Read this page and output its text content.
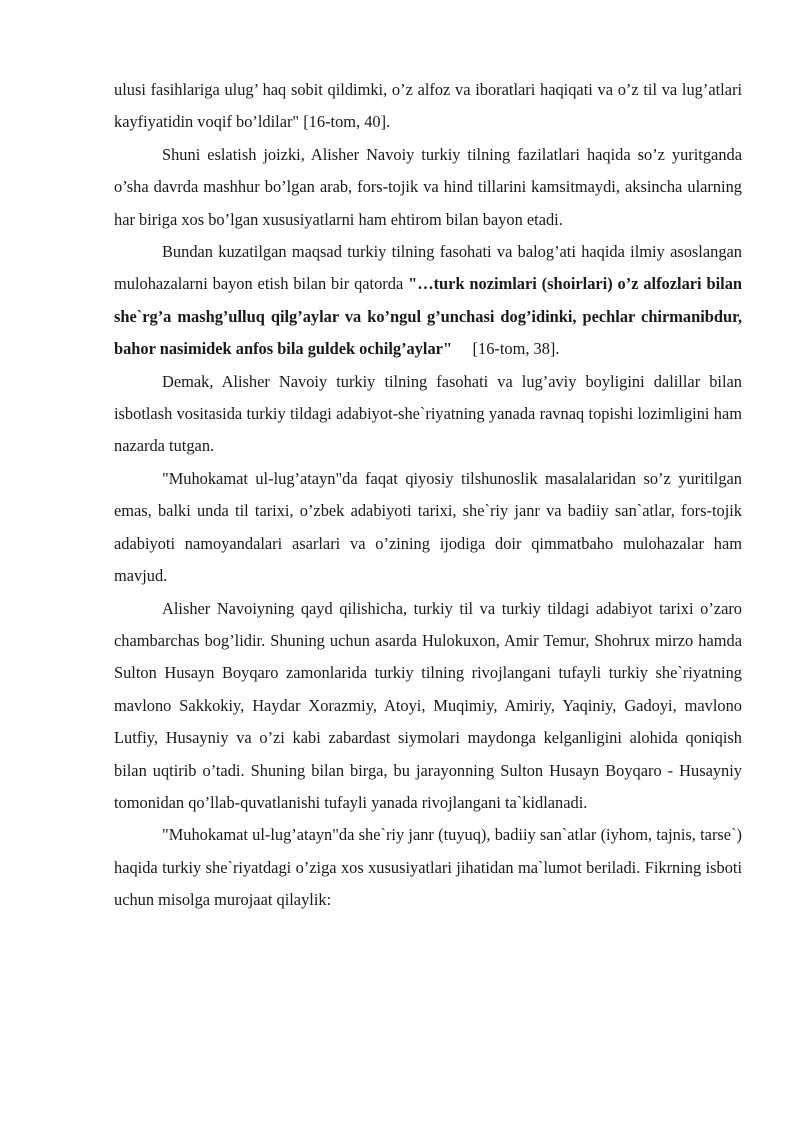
ulusi fasihlariga ulug’ haq sobit qildimki, o’z alfoz va iboratlari haqiqati va o’z til va lug’atlari kayfiyatidin voqif bo’ldilar" [16-tom, 40].

Shuni eslatish joizki, Alisher Navoiy turkiy tilning fazilatlari haqida so’z yuritganda o’sha davrda mashhur bo’lgan arab, fors-tojik va hind tillarini kamsitmaydi, aksincha ularning har biriga xos bo’lgan xususiyatlarni ham ehtirom bilan bayon etadi.

Bundan kuzatilgan maqsad turkiy tilning fasohati va balog’ati haqida ilmiy asoslangan mulohazalarni bayon etish bilan bir qatorda "…turk nozimlari (shoirlari) o’z alfozlari bilan she`rg’a mashg’ulluq qilg’aylar va ko’ngul g’unchasi dog’idinki, pechlar chirmanibdur, bahor nasimidek anfos bila guldek ochilg’aylar"     [16-tom, 38].

Demak, Alisher Navoiy turkiy tilning fasohati va lug’aviy boyligini dalillar bilan isbotlash vositasida turkiy tildagi adabiyot-she`riyatning yanada ravnaq topishi lozimligini ham nazarda tutgan.

"Muhokamat ul-lug’atayn"da faqat qiyosiy tilshunoslik masalalaridan so’z yuritilgan emas, balki unda til tarixi, o’zbek adabiyoti tarixi, she`riy janr va badiiy san`atlar, fors-tojik adabiyoti namoyandalari asarlari va o’zining ijodiga doir qimmatbaho mulohazalar ham mavjud.

Alisher Navoiyning qayd qilishicha, turkiy til va turkiy tildagi adabiyot tarixi o’zaro chambarchas bog’lidir. Shuning uchun asarda Hulokuxon, Amir Temur, Shohrux mirzo hamda Sulton Husayn Boyqaro zamonlarida turkiy tilning rivojlangani tufayli turkiy she`riyatning mavlono Sakkokiy, Haydar Xorazmiy, Atoyi, Muqimiy, Amiriy, Yaqiniy, Gadoyi, mavlono Lutfiy, Husayniy va o’zi kabi zabardast siymolari maydonga kelganligini alohida qoniqish bilan uqtirib o’tadi. Shuning bilan birga, bu jarayonning Sulton Husayn Boyqaro - Husayniy tomonidan qo’llab-quvatlanishi tufayli yanada rivojlangani ta`kidlanadi.

"Muhokamat ul-lug’atayn"da she`riy janr (tuyuq), badiiy san`atlar (iyhom, tajnis, tarse`) haqida turkiy she`riyatdagi o’ziga xos xususiyatlari jihatidan ma`lumot beriladi. Fikrning isboti uchun misolga murojaat qilaylik:
